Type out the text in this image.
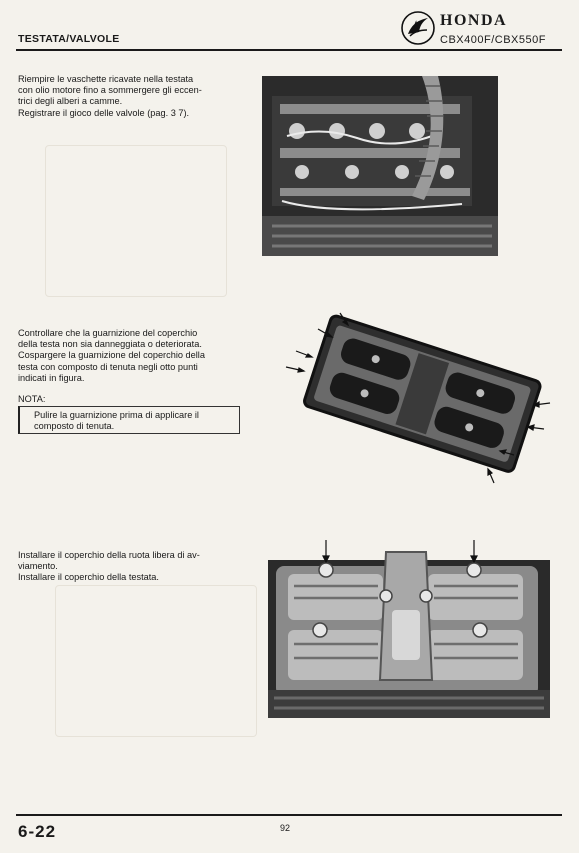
TESTATA/VALVOLE
HONDA
CBX400F/CBX550F

Riempire le vaschette ricavate nella testata

con olio motore fino a sommergere gli eccen-

trici degli alberi a camme.

Registrare il gioco delle valvole (pag. 3 7).

Controllare che la guarnizione del coperchio

della testa non sia danneggiata o deteriorata.

Cospargere la guarnizione del coperchio della

testa con composto di tenuta negli otto punti

indicati in figura.

NOTA:
Pulire la guarnizione prima di applicare il
composto di tenuta.

Installare il coperchio della ruota libera di av-

viamento.

Installare il coperchio della testata.

6-22	92
